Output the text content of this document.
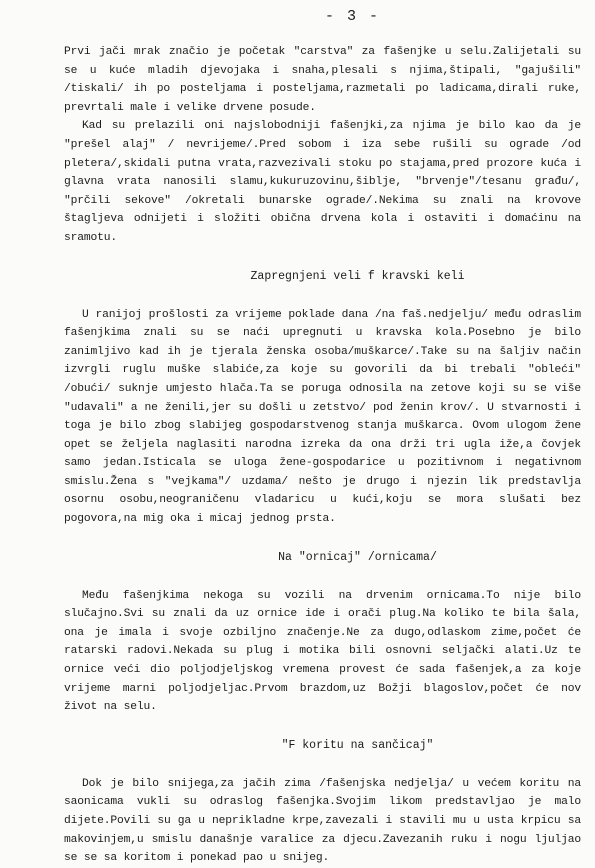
- 3 -

Prvi jači mrak značio je početak "carstva" za fašenjke u selu.Zalijetali su se u kuće mladih djevojaka i snaha,plesali s njima,štipali, "gajušili" /tiskali/ ih po posteljama i posteljama,razmetali po ladicama,dirali ruke, prevrtali male i velike drvene posude.

Kad su prelazili oni najslobodniji fašenjki,za njima je bilo kao da je "prešel alaj" / nevrijeme/.Pred sobom i iza sebe rušili su ograde /od pletera/,skidali putna vrata,razvezivali stoku po stajama,pred prozore kuća i glavna vrata nanosili slamu,kukuruzovinu,šiblje, "brvenje"/tesanu građu/, "prčili sekove" /okretali bunarske ograde/.Nekima su znali na krovove štagljeva odnijeti i složiti obična drvena kola i ostaviti i domaćinu na sramotu.

Zapregnjeni veli f kravski keli

U ranijoj prošlosti za vrijeme poklade dana /na faš.nedjelju/ među odraslim fašenjkima znali su se naći upregnuti u kravska kola.Posebno je bilo zanimljivo kad ih je tjerala ženska osoba/muškarce/.Take su na šaljiv način izvrgli ruglu muške slabiće,za koje su govorili da bi trebali "obleći" /obući/ suknje umjesto hlača.Ta se poruga odnosila na zetove koji su se više "udavali" a ne ženili,jer su došli u zetstvo/ pod ženin krov/. U stvarnosti i toga je bilo zbog slabijeg gospodarstvenog stanja muškarca. Ovom ulogom žene opet se željela naglasiti narodna izreka da ona drži tri ugla iže,a čovjek samo jedan.Isticala se uloga žene-gospodarice u pozitivnom i negativnom smislu.Žena s "vejkama"/ uzdama/ nešto je drugo i njezin lik predstavlja osornu osobu,neograničenu vladaricu u kući,koju se mora slušati bez pogovora,na mig oka i micaj jednog prsta.

Na "ornicaj" /ornicama/

Među fašenjkima nekoga su vozili na drvenim ornicama.To nije bilo slučajno.Svi su znali da uz ornice ide i orači plug.Na koliko te bila šala, ona je imala i svoje ozbiljno značenje.Ne za dugo,odlaskom zime,počet će ratarski radovi.Nekada su plug i motika bili osnovni seljački alati.Uz te ornice veći dio poljodjeljskog vremena provest će sada fašenjek,a za koje vrijeme marni poljodjeljac.Prvom brazdom,uz Božji blagoslov,počet će nov život na selu.

"F koritu na sančicaj"

Dok je bilo snijega,za jačih zima /fašenjska nedjelja/ u većem koritu na saonicama vukli su odraslog fašenjka.Svojim likom predstavljao je malo dijete.Povili su ga u neprikladne krpe,zavezali i stavili mu u usta krpicu sa makovinjem,u smislu današnje varalice za djecu.Zavezanih ruku i nogu ljuljao se se sa koritom i ponekad pao u snijeg.
